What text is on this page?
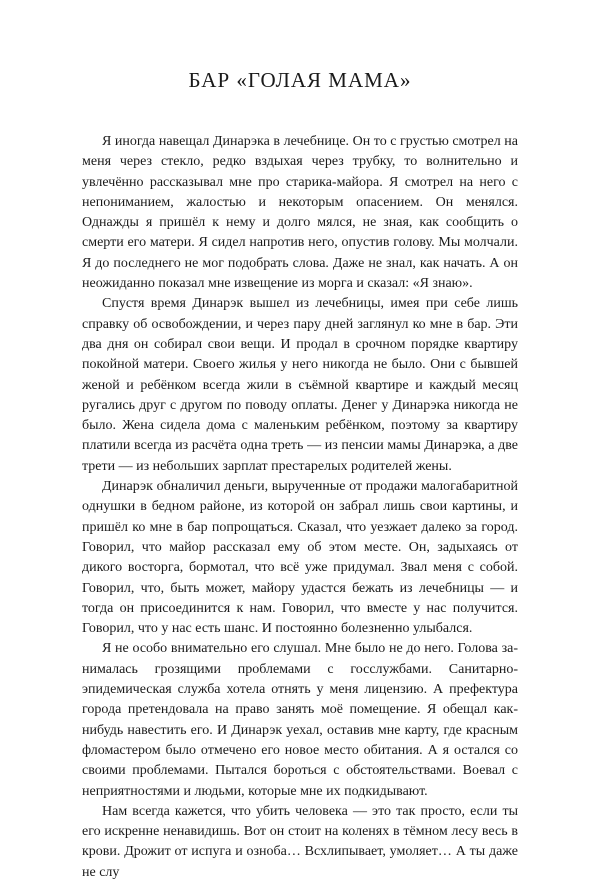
БАР «ГОЛАЯ МАМА»

Я иногда навещал Динарэка в лечебнице. Он то с грустью смотрел на меня через стекло, редко вздыхая через трубку, то волнительно и увлечённо рассказывал мне про старика-майора. Я смотрел на него с непониманием, жалостью и некоторым опасением. Он менялся. Однажды я пришёл к нему и долго мялся, не зная, как сообщить о смерти его матери. Я сидел напротив него, опустив голову. Мы молчали. Я до последнего не мог подобрать слова. Даже не знал, как начать. А он неожиданно показал мне извещение из морга и сказал: «Я знаю».

Спустя время Динарэк вышел из лечебницы, имея при себе лишь справку об освобождении, и через пару дней заглянул ко мне в бар. Эти два дня он собирал свои вещи. И продал в срочном порядке квартиру покойной матери. Своего жилья у него никогда не было. Они с бывшей женой и ребёнком всегда жили в съёмной квартире и каждый месяц ругались друг с другом по поводу оплаты. Денег у Динарэка никогда не было. Жена сидела дома с маленьким ребёнком, поэтому за квартиру платили всегда из расчёта одна треть — из пенсии мамы Динарэка, а две трети — из небольших зарплат престарелых родителей жены.

Динарэк обналичил деньги, вырученные от продажи малогабаритной однушки в бедном районе, из которой он забрал лишь свои картины, и пришёл ко мне в бар попрощаться. Сказал, что уезжает далеко за город. Говорил, что майор рассказал ему об этом месте. Он, задыхаясь от дикого восторга, бормотал, что всё уже придумал. Звал меня с собой. Говорил, что, быть может, майору удастся бежать из лечебницы — и тогда он присоединится к нам. Говорил, что вместе у нас получится. Говорил, что у нас есть шанс. И постоянно болезненно улыбался.

Я не особо внимательно его слушал. Мне было не до него. Голова занималась грозящими проблемами с госслужбами. Санитарно-эпидемическая служба хотела отнять у меня лицензию. А префектура города претендовала на право занять моё помещение. Я обещал как-нибудь навестить его. И Динарэк уехал, оставив мне карту, где красным фломастером было отмечено его новое место обитания. А я остался со своими проблемами. Пытался бороться с обстоятельствами. Воевал с неприятностями и людьми, которые мне их подкидывают.

Нам всегда кажется, что убить человека — это так просто, если ты его искренне ненавидишь. Вот он стоит на коленях в тёмном лесу весь в крови. Дрожит от испуга и озноба… Всхлипывает, умоляет… А ты даже не слу
